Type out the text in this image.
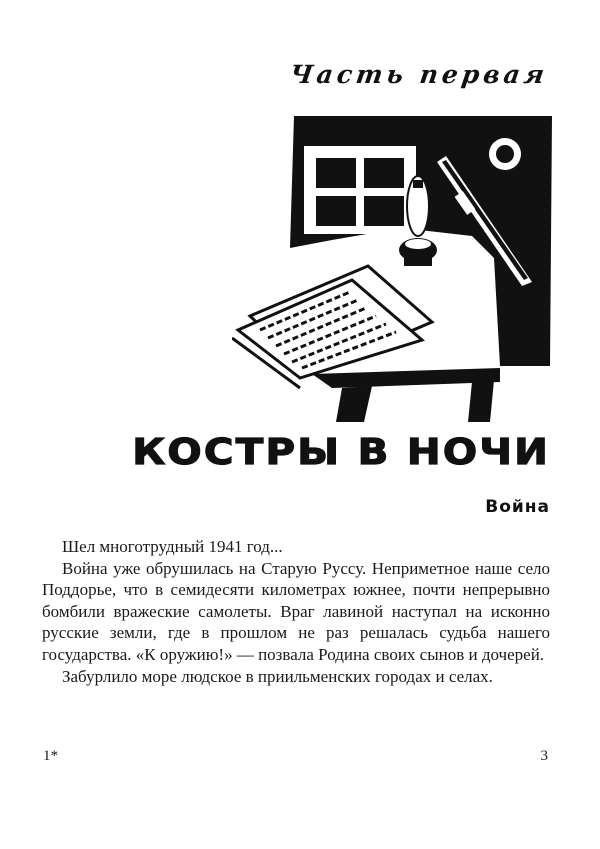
Часть первая
КОСТРЫ В НОЧИ
Война

Шел многотрудный 1941 год...

Война уже обрушилась на Старую Руссу. Неприметное наше село Поддорье, что в семидесяти километрах южнее, почти непрерывно бомбили вражеские самолеты. Враг лавиной наступал на исконно русские земли, где в прошлом не раз решалась судьба нашего государства. «К оружию!» — позвала Родина своих сынов и дочерей.

Забурлило море людское в приильменских городах и селах.

1*	3
